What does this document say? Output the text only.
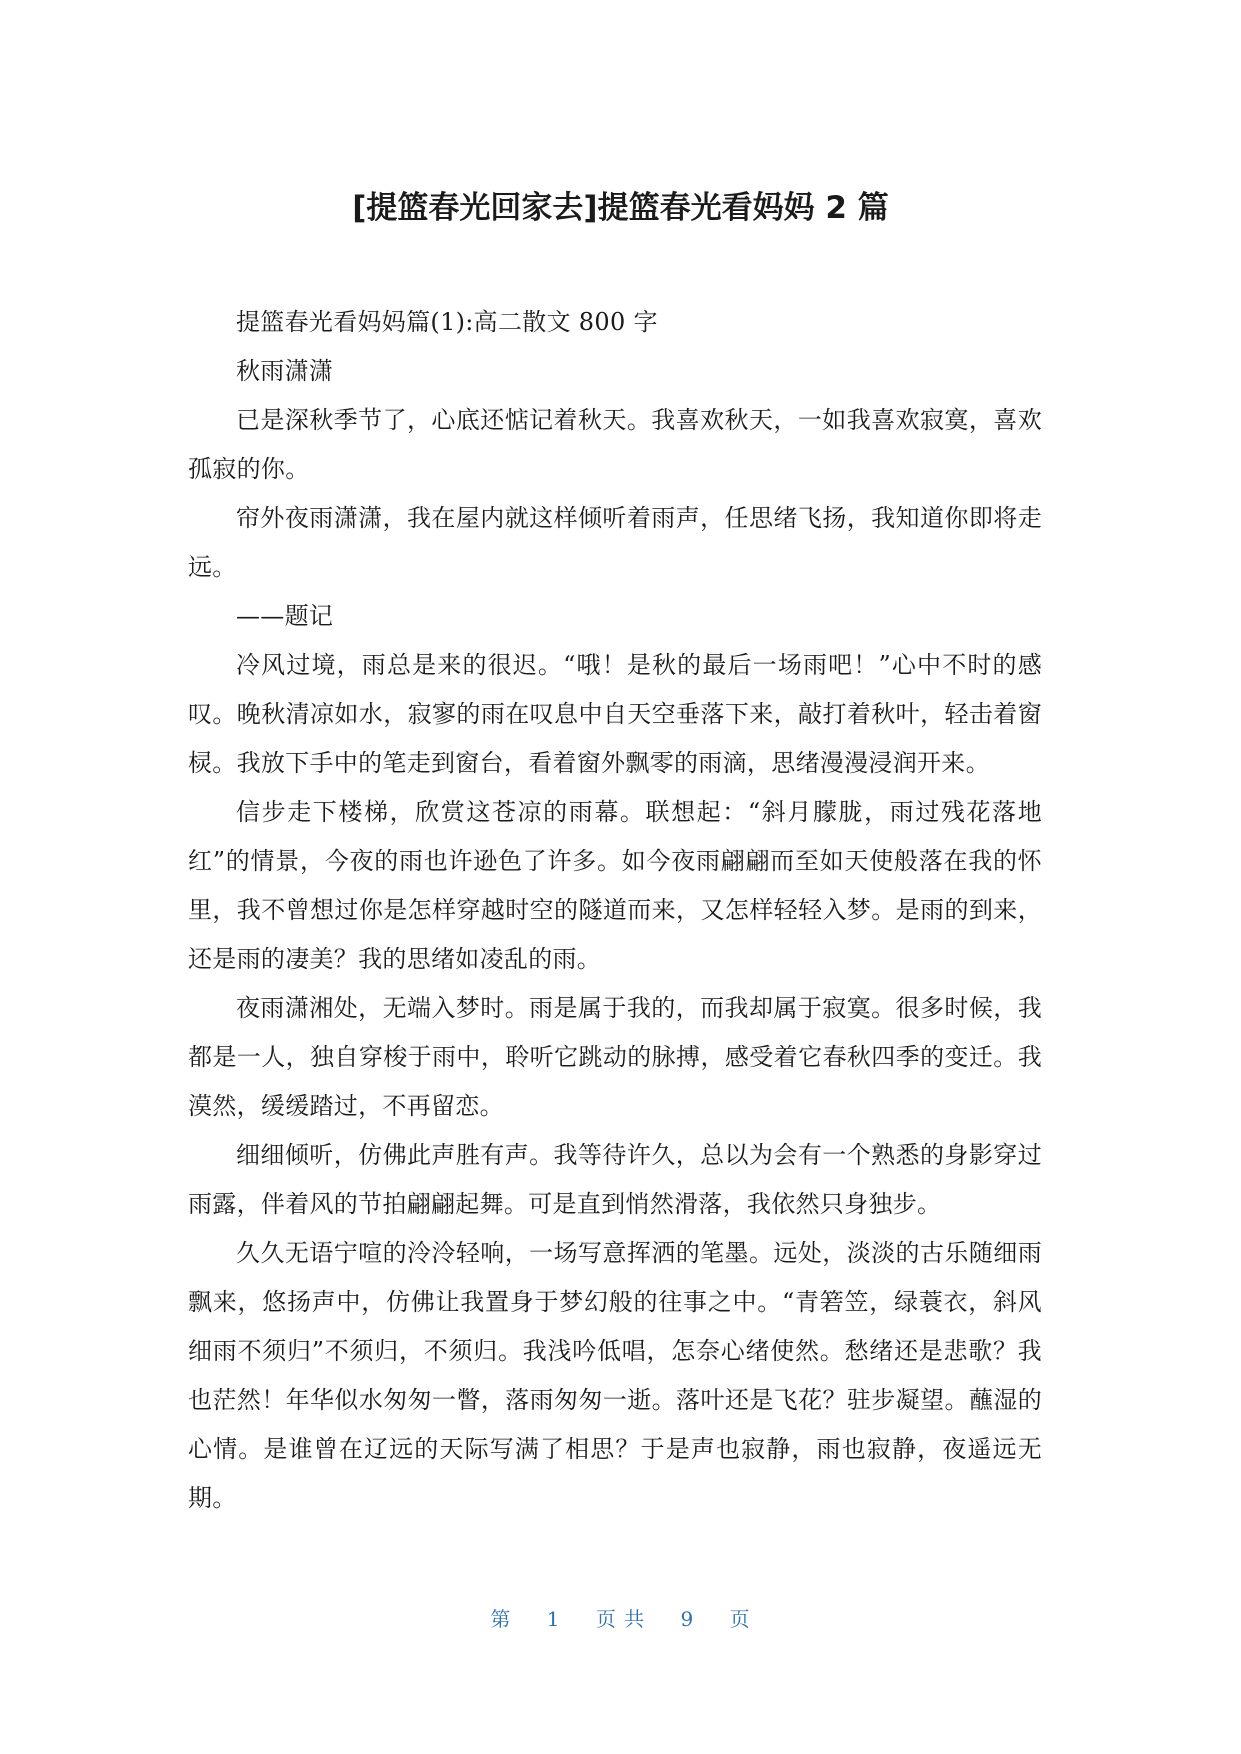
[提篮春光回家去]提篮春光看妈妈 2 篇

提篮春光看妈妈篇(1):高二散文 800 字

秋雨潇潇

已是深秋季节了，心底还惦记着秋天。我喜欢秋天，一如我喜欢寂寞，喜欢孤寂的你。

帘外夜雨潇潇，我在屋内就这样倾听着雨声，任思绪飞扬，我知道你即将走远。

——题记

冷风过境，雨总是来的很迟。“哦！是秋的最后一场雨吧！”心中不时的感叹。晚秋清凉如水，寂寥的雨在叹息中自天空垂落下来，敲打着秋叶，轻击着窗棂。我放下手中的笔走到窗台，看着窗外飘零的雨滴，思绪漫漫浸润开来。

信步走下楼梯，欣赏这苍凉的雨幕。联想起：“斜月朦胧，雨过残花落地红”的情景，今夜的雨也许逊色了许多。如今夜雨翩翩而至如天使般落在我的怀里，我不曾想过你是怎样穿越时空的隧道而来，又怎样轻轻入梦。是雨的到来，还是雨的凄美？我的思绪如凌乱的雨。

夜雨潇湘处，无端入梦时。雨是属于我的，而我却属于寂寞。很多时候，我都是一人，独自穿梭于雨中，聆听它跳动的脉搏，感受着它春秋四季的变迁。我漠然，缓缓踏过，不再留恋。

细细倾听，仿佛此声胜有声。我等待许久，总以为会有一个熟悉的身影穿过雨露，伴着风的节拍翩翩起舞。可是直到悄然滑落，我依然只身独步。

久久无语宁喧的泠泠轻响，一场写意挥洒的笔墨。远处，淡淡的古乐随细雨飘来，悠扬声中，仿佛让我置身于梦幻般的往事之中。“青箬笠，绿蓑衣，斜风细雨不须归”不须归，不须归。我浅吟低唱，怎奈心绪使然。愁绪还是悲歌？我也茫然！年华似水匆匆一瞥，落雨匆匆一逝。落叶还是飞花？驻步凝望。蘸湿的心情。是谁曾在辽远的天际写满了相思？于是声也寂静，雨也寂静，夜遥远无期。

第 1 页 共 9 页
